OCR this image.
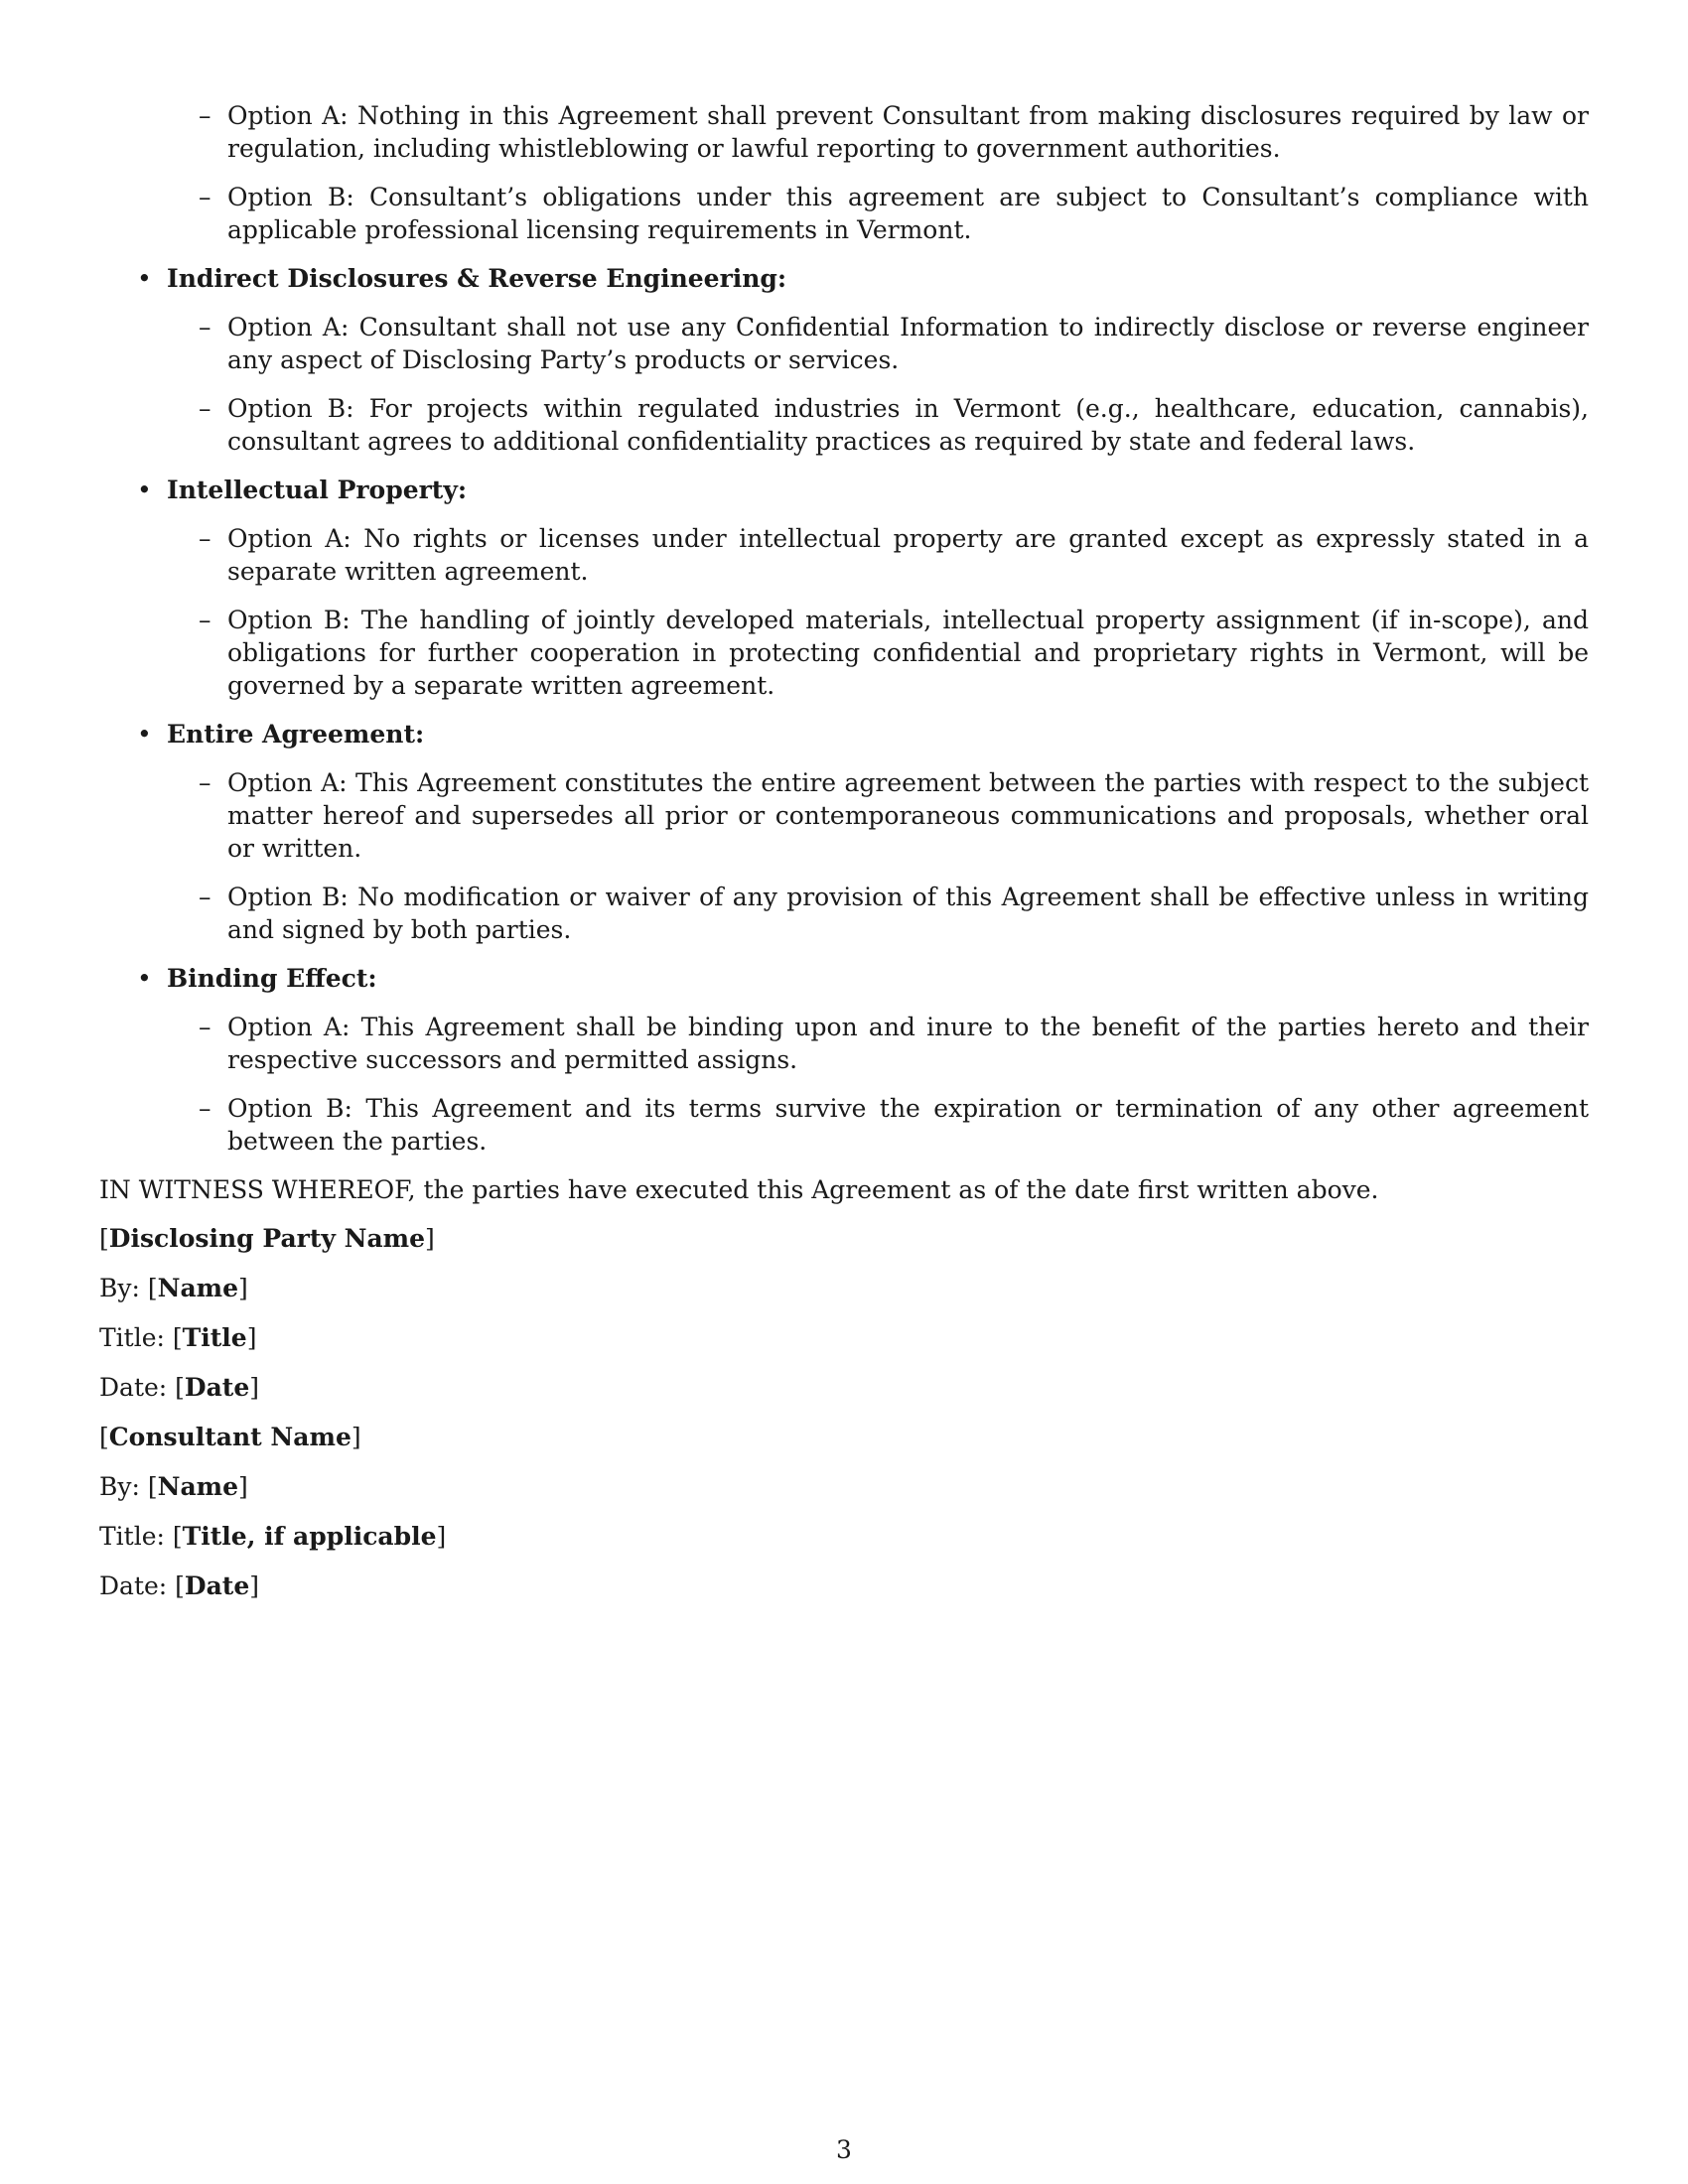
– Option A: Nothing in this Agreement shall prevent Consultant from making disclosures required by law or regulation, including whistleblowing or lawful reporting to government authorities.
– Option B: Consultant’s obligations under this agreement are subject to Consultant’s compliance with applicable professional licensing requirements in Vermont.
• Indirect Disclosures & Reverse Engineering:
– Option A: Consultant shall not use any Confidential Information to indirectly disclose or reverse engineer any aspect of Disclosing Party’s products or services.
– Option B: For projects within regulated industries in Vermont (e.g., healthcare, education, cannabis), consultant agrees to additional confidentiality practices as required by state and federal laws.
• Intellectual Property:
– Option A: No rights or licenses under intellectual property are granted except as expressly stated in a separate written agreement.
– Option B: The handling of jointly developed materials, intellectual property assignment (if in-scope), and obligations for further cooperation in protecting confidential and proprietary rights in Vermont, will be governed by a separate written agreement.
• Entire Agreement:
– Option A: This Agreement constitutes the entire agreement between the parties with respect to the subject matter hereof and supersedes all prior or contemporaneous communications and proposals, whether oral or written.
– Option B: No modification or waiver of any provision of this Agreement shall be effective unless in writing and signed by both parties.
• Binding Effect:
– Option A: This Agreement shall be binding upon and inure to the benefit of the parties hereto and their respective successors and permitted assigns.
– Option B: This Agreement and its terms survive the expiration or termination of any other agreement between the parties.

IN WITNESS WHEREOF, the parties have executed this Agreement as of the date first written above.

[Disclosing Party Name]

By: [Name]

Title: [Title]

Date: [Date]

[Consultant Name]

By: [Name]

Title: [Title, if applicable]

Date: [Date]

3
